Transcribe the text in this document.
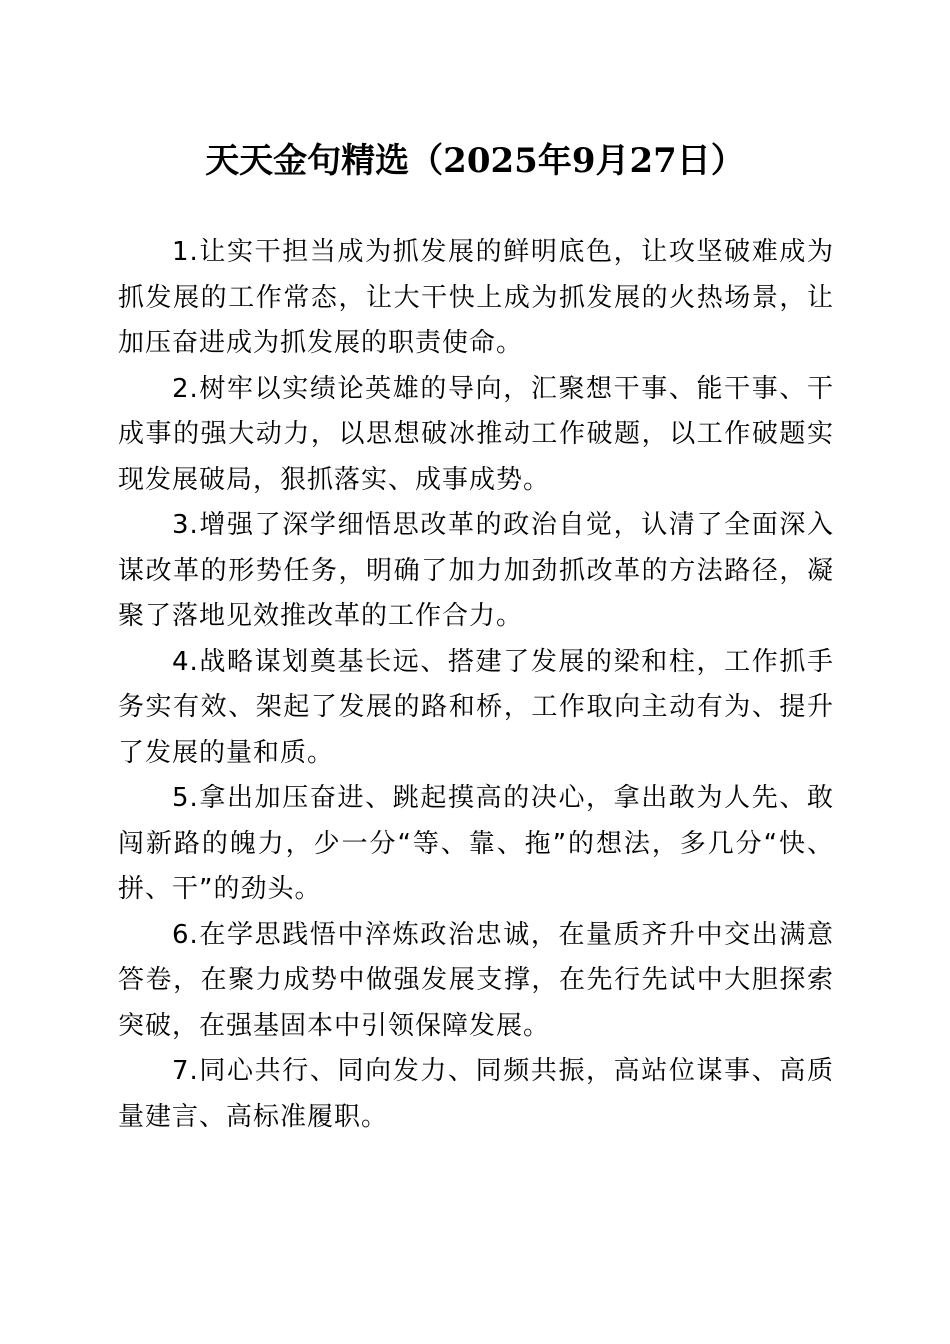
天天金句精选（2025年9月27日）

1.让实干担当成为抓发展的鲜明底色，让攻坚破难成为抓发展的工作常态，让大干快上成为抓发展的火热场景，让加压奋进成为抓发展的职责使命。

2.树牢以实绩论英雄的导向，汇聚想干事、能干事、干成事的强大动力，以思想破冰推动工作破题，以工作破题实现发展破局，狠抓落实、成事成势。

3.增强了深学细悟思改革的政治自觉，认清了全面深入谋改革的形势任务，明确了加力加劲抓改革的方法路径，凝聚了落地见效推改革的工作合力。

4.战略谋划奠基长远、搭建了发展的梁和柱，工作抓手务实有效、架起了发展的路和桥，工作取向主动有为、提升了发展的量和质。

5.拿出加压奋进、跳起摸高的决心，拿出敢为人先、敢闯新路的魄力，少一分“等、靠、拖”的想法，多几分“快、拼、干”的劲头。

6.在学思践悟中淬炼政治忠诚，在量质齐升中交出满意答卷，在聚力成势中做强发展支撑，在先行先试中大胆探索突破，在强基固本中引领保障发展。

7.同心共行、同向发力、同频共振，高站位谋事、高质量建言、高标准履职。
